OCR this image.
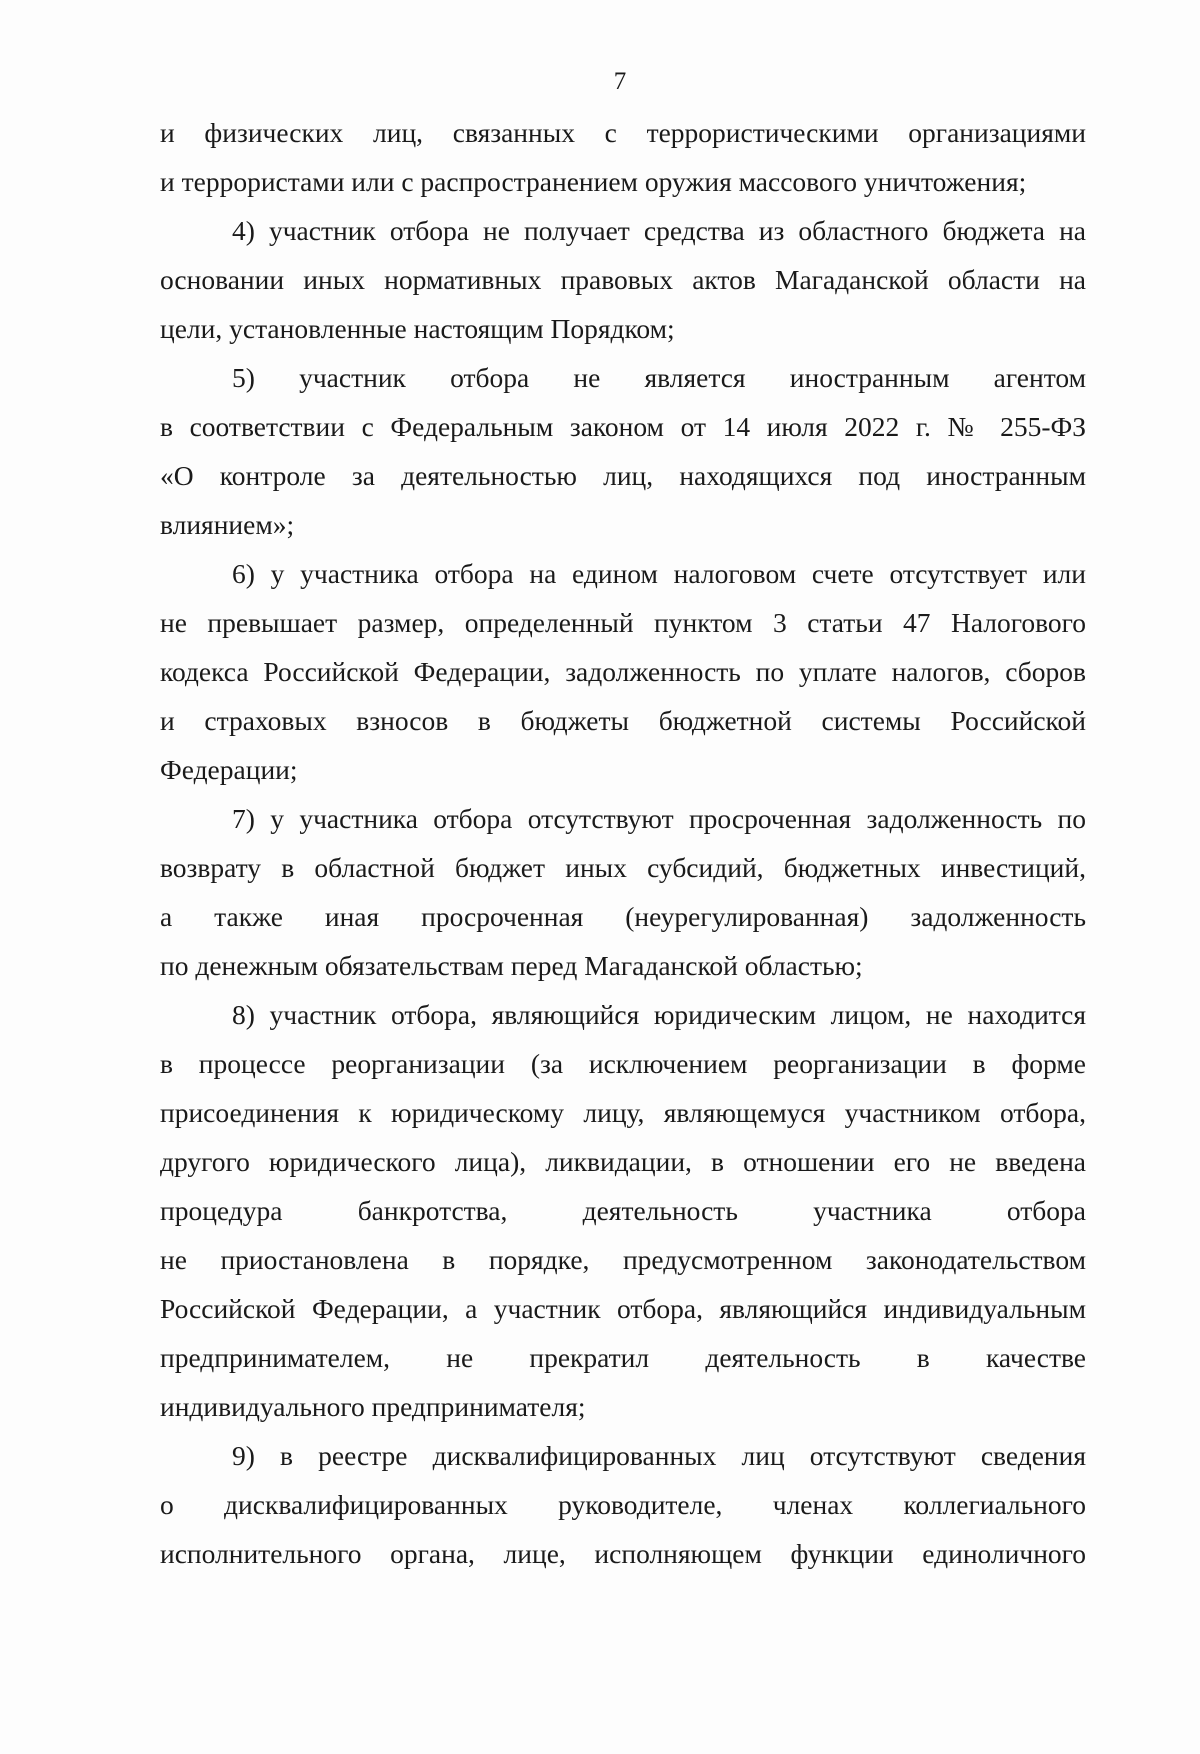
7
и физических лиц, связанных с террористическими организациями
и террористами или с распространением оружия массового уничтожения;
4) участник отбора не получает средства из областного бюджета на
основании иных нормативных правовых актов Магаданской области на
цели, установленные настоящим Порядком;
5) участник отбора не является иностранным агентом
в соответствии с Федеральным законом от 14 июля 2022 г. № 255-ФЗ
«О контроле за деятельностью лиц, находящихся под иностранным
влиянием»;
6) у участника отбора на едином налоговом счете отсутствует или
не превышает размер, определенный пунктом 3 статьи 47 Налогового
кодекса Российской Федерации, задолженность по уплате налогов, сборов
и страховых взносов в бюджеты бюджетной системы Российской
Федерации;
7) у участника отбора отсутствуют просроченная задолженность по
возврату в областной бюджет иных субсидий, бюджетных инвестиций,
а также иная просроченная (неурегулированная) задолженность
по денежным обязательствам перед Магаданской областью;
8) участник отбора, являющийся юридическим лицом, не находится
в процессе реорганизации (за исключением реорганизации в форме
присоединения к юридическому лицу, являющемуся участником отбора,
другого юридического лица), ликвидации, в отношении его не введена
процедура банкротства, деятельность участника отбора
не приостановлена в порядке, предусмотренном законодательством
Российской Федерации, а участник отбора, являющийся индивидуальным
предпринимателем, не прекратил деятельность в качестве
индивидуального предпринимателя;
9) в реестре дисквалифицированных лиц отсутствуют сведения
о дисквалифицированных руководителе, членах коллегиального
исполнительного органа, лице, исполняющем функции единоличного
